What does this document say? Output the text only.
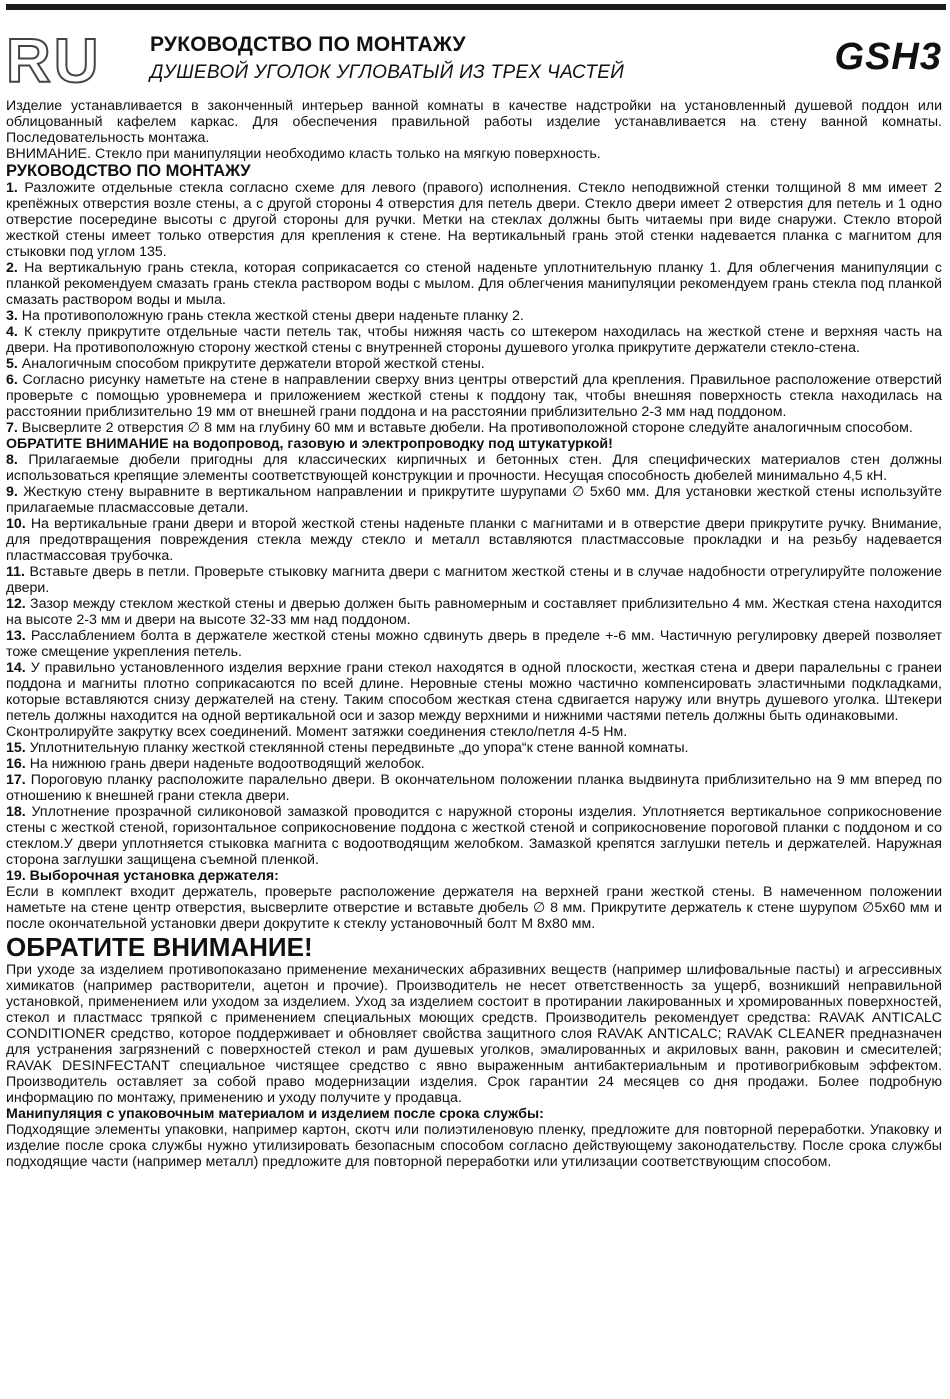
RU РУКОВОДСТВО ПО МОНТАЖУ
ДУШЕВОЙ УГОЛОК УГЛОВАТЫЙ ИЗ ТРЕХ ЧАСТЕЙ	GSH3

Изделие устанавливается в законченный интерьер ванной комнаты в качестве надстройки на установленный душевой поддон или облицованный кафелем каркас. Для обеспечения правильной работы изделие устанавливается на стену ванной комнаты. Последовательность монтажа.

ВНИМАНИЕ. Стекло при манипуляции необходимо класть только на мягкую поверхность.

РУКОВОДСТВО ПО МОНТАЖУ

1. Разложите отдельные стекла согласно схеме для левого (правого) исполнения. Стекло неподвижной стенки толщиной 8 мм имеет 2 крепёжных отверстия возле стены, а с другой стороны 4 отверстия для петель двери. Стекло двери имеет 2 отверстия для петель и 1 одно отверстие посередине высоты с другой стороны для ручки. Метки на стеклах должны быть читаемы при виде снаружи. Стекло второй жесткой стены имеет только отверстия для крепления к стене. На вертикальный грань этой стенки надевается планка с магнитом для стыковки под углом 135.

2. На вертикальную грань стекла, которая соприкасается со стеной наденьте уплотнительную планку 1. Для облегчения манипуляции с планкой рекомендуем смазать грань стекла раствором воды с мылом. Для облегчения манипуляции рекомендуем грань стекла под планкой смазать раствором воды и мыла.

3. На противоположную грань стекла жесткой стены двери наденьте планку 2.

4. К стеклу прикрутите отдельные части петель так, чтобы нижняя часть со штекером находилась на жесткой стене и верхняя часть на двери. На противоположную сторону жесткой стены с внутренней стороны душевого уголка прикрутите держатели стекло-стена.

5. Аналогичным способом прикрутите держатели второй жесткой стены.

6. Согласно рисунку наметьте на стене в направлении сверху вниз центры отверстий дла крепления. Правильное расположение отверстий проверьте с помощью уровнемера и приложением жесткой стены к поддону так, чтобы внешняя поверхность стекла находилась на расстоянии приблизительно 19 мм от внешней грани поддона и на расстоянии приблизительно 2-3 мм над поддоном.

7. Высверлите 2 отверстия ∅ 8 мм на глубину 60 мм и вставьте дюбели. На противоположной стороне следуйте аналогичным способом.

ОБРАТИТЕ ВНИМАНИЕ на водопровод, газовую и электропроводку под штукатуркой!

8. Прилагаемые дюбели пригодны для классических кирпичных и бетонных стен. Для специфических материалов стен должны использоваться крепящие элементы соответствующей конструкции и прочности. Несущая способность дюбелей минимально 4,5 кН.

9. Жесткую стену выравните в вертикальном направлении и прикрутите шурупами ∅ 5х60 мм. Для установки жесткой стены используйте прилагаемые пласмассовые детали.

10. На вертикальные грани двери и второй жесткой стены наденьте планки с магнитами и в отверстие двери прикрутите ручку. Внимание, для предотвращения повреждения стекла между стекло и металл вставляются пластмассовые прокладки и на резьбу надевается пластмассовая трубочка.

11. Вставьте дверь в петли. Проверьте стыковку магнита двери с магнитом жесткой стены и в случае надобности отрегулируйте положение двери.

12. Зазор между стеклом жесткой стены и дверью должен быть равномерным и составляет приблизительно 4 мм. Жесткая стена находится на высоте 2-3 мм и двери на высоте 32-33 мм над поддоном.

13. Расслаблением болта в держателе жесткой стены можно сдвинуть дверь в пределе +-6 мм. Частичную регулировку дверей позволяет тоже смещение укрепления петель.

14. У правильно установленного изделия верхние грани стекол находятся в одной плоскости, жесткая стена и двери паралельны с гранеи поддона и магниты плотно соприкасаются по всей длине. Неровные стены можно частично компенсировать эластичными подкладками, которые вставляются снизу держателей на стену. Таким способом жесткая стена сдвигается наружу или внутрь душевого уголка. Штекери петель должны находится на одной вертикальной оси и зазор между верхними и нижними частями петель должны быть одинаковыми.

Сконтролируйте закрутку всех соединений. Момент затяжки соединения стекло/петля 4-5 Нм.

15. Уплотнительную планку жесткой стеклянной стены передвиньте „до упора“к стене ванной комнаты.

16. На нижнюю грань двери наденьте водоотводящий желобок.

17. Пороговую планку расположите паралельно двери. В окончательном положении планка выдвинута приблизительно на 9 мм вперед по отношению к внешней грани стекла двери.

18. Уплотнение прозрачной силиконовой замазкой проводится с наружной стороны изделия. Уплотняется вертикальное соприкосновение стены с жесткой стеной, горизонтальное соприкосновение поддона с жесткой стеной и соприкосновение пороговой планки с поддоном и со стеклом.У двери уплотняется стыковка магнита с водоотводящим желобком. Замазкой крепятся заглушки петель и держателей. Наружная сторона заглушки защищена съемной пленкой.

19. Выборочная установка держателя:

Если в комплект входит держатель, проверьте расположение держателя на верхней грани жесткой стены. В намеченном положении наметьте на стене центр отверстия, высверлите отверстие и вставьте дюбель ∅ 8 мм. Прикрутите держатель к стене шурупом ∅5х60 мм и после окончательной установки двери докрутите к стеклу установочный болт М 8х80 мм.

ОБРАТИТЕ ВНИМАНИЕ!

При уходе за изделием противопоказано применение механических абразивних веществ (например шлифовальные пасты) и агрессивных химикатов (например растворители, ацетон и прочие). Производитель не несет ответственность за ущерб, возникший неправильной установкой, применением или уходом за изделием. Уход за изделием состоит в протирании лакированных и хромированных поверхностей, стекол и пластмасс тряпкой с применением специальных моющих средств. Производитель рекомендует средства: RAVAK ANTICALC CONDITIONER средство, которое поддерживает и обновляет свойства защитного слоя RAVAK ANTICALC; RAVAK CLEANER предназначен для устранения загрязнений с поверхностей стекол и рам душевых уголков, эмалированных и акриловых ванн, раковин и смесителей; RAVAK DESINFECTANT специальное чистящее средство с явно выраженным антибактериальным и противогрибковым эффектом. Производитель оставляет за собой право модернизации изделия. Срок гарантии 24 месяцев со дня продажи. Более подробную информацию по монтажу, применению и уходу получите у продавца.

Манипуляция с упаковочным материалом и изделием после срока службы:

Подходящие элементы упаковки, например картон, скотч или полиэтиленовую пленку, предложите для повторной переработки. Упаковку и изделие после срока службы нужно утилизировать безопасным способом согласно действующему законодательству. После срока службы подходящие части (например металл) предложите для повторной переработки или утилизации соответствующим способом.
